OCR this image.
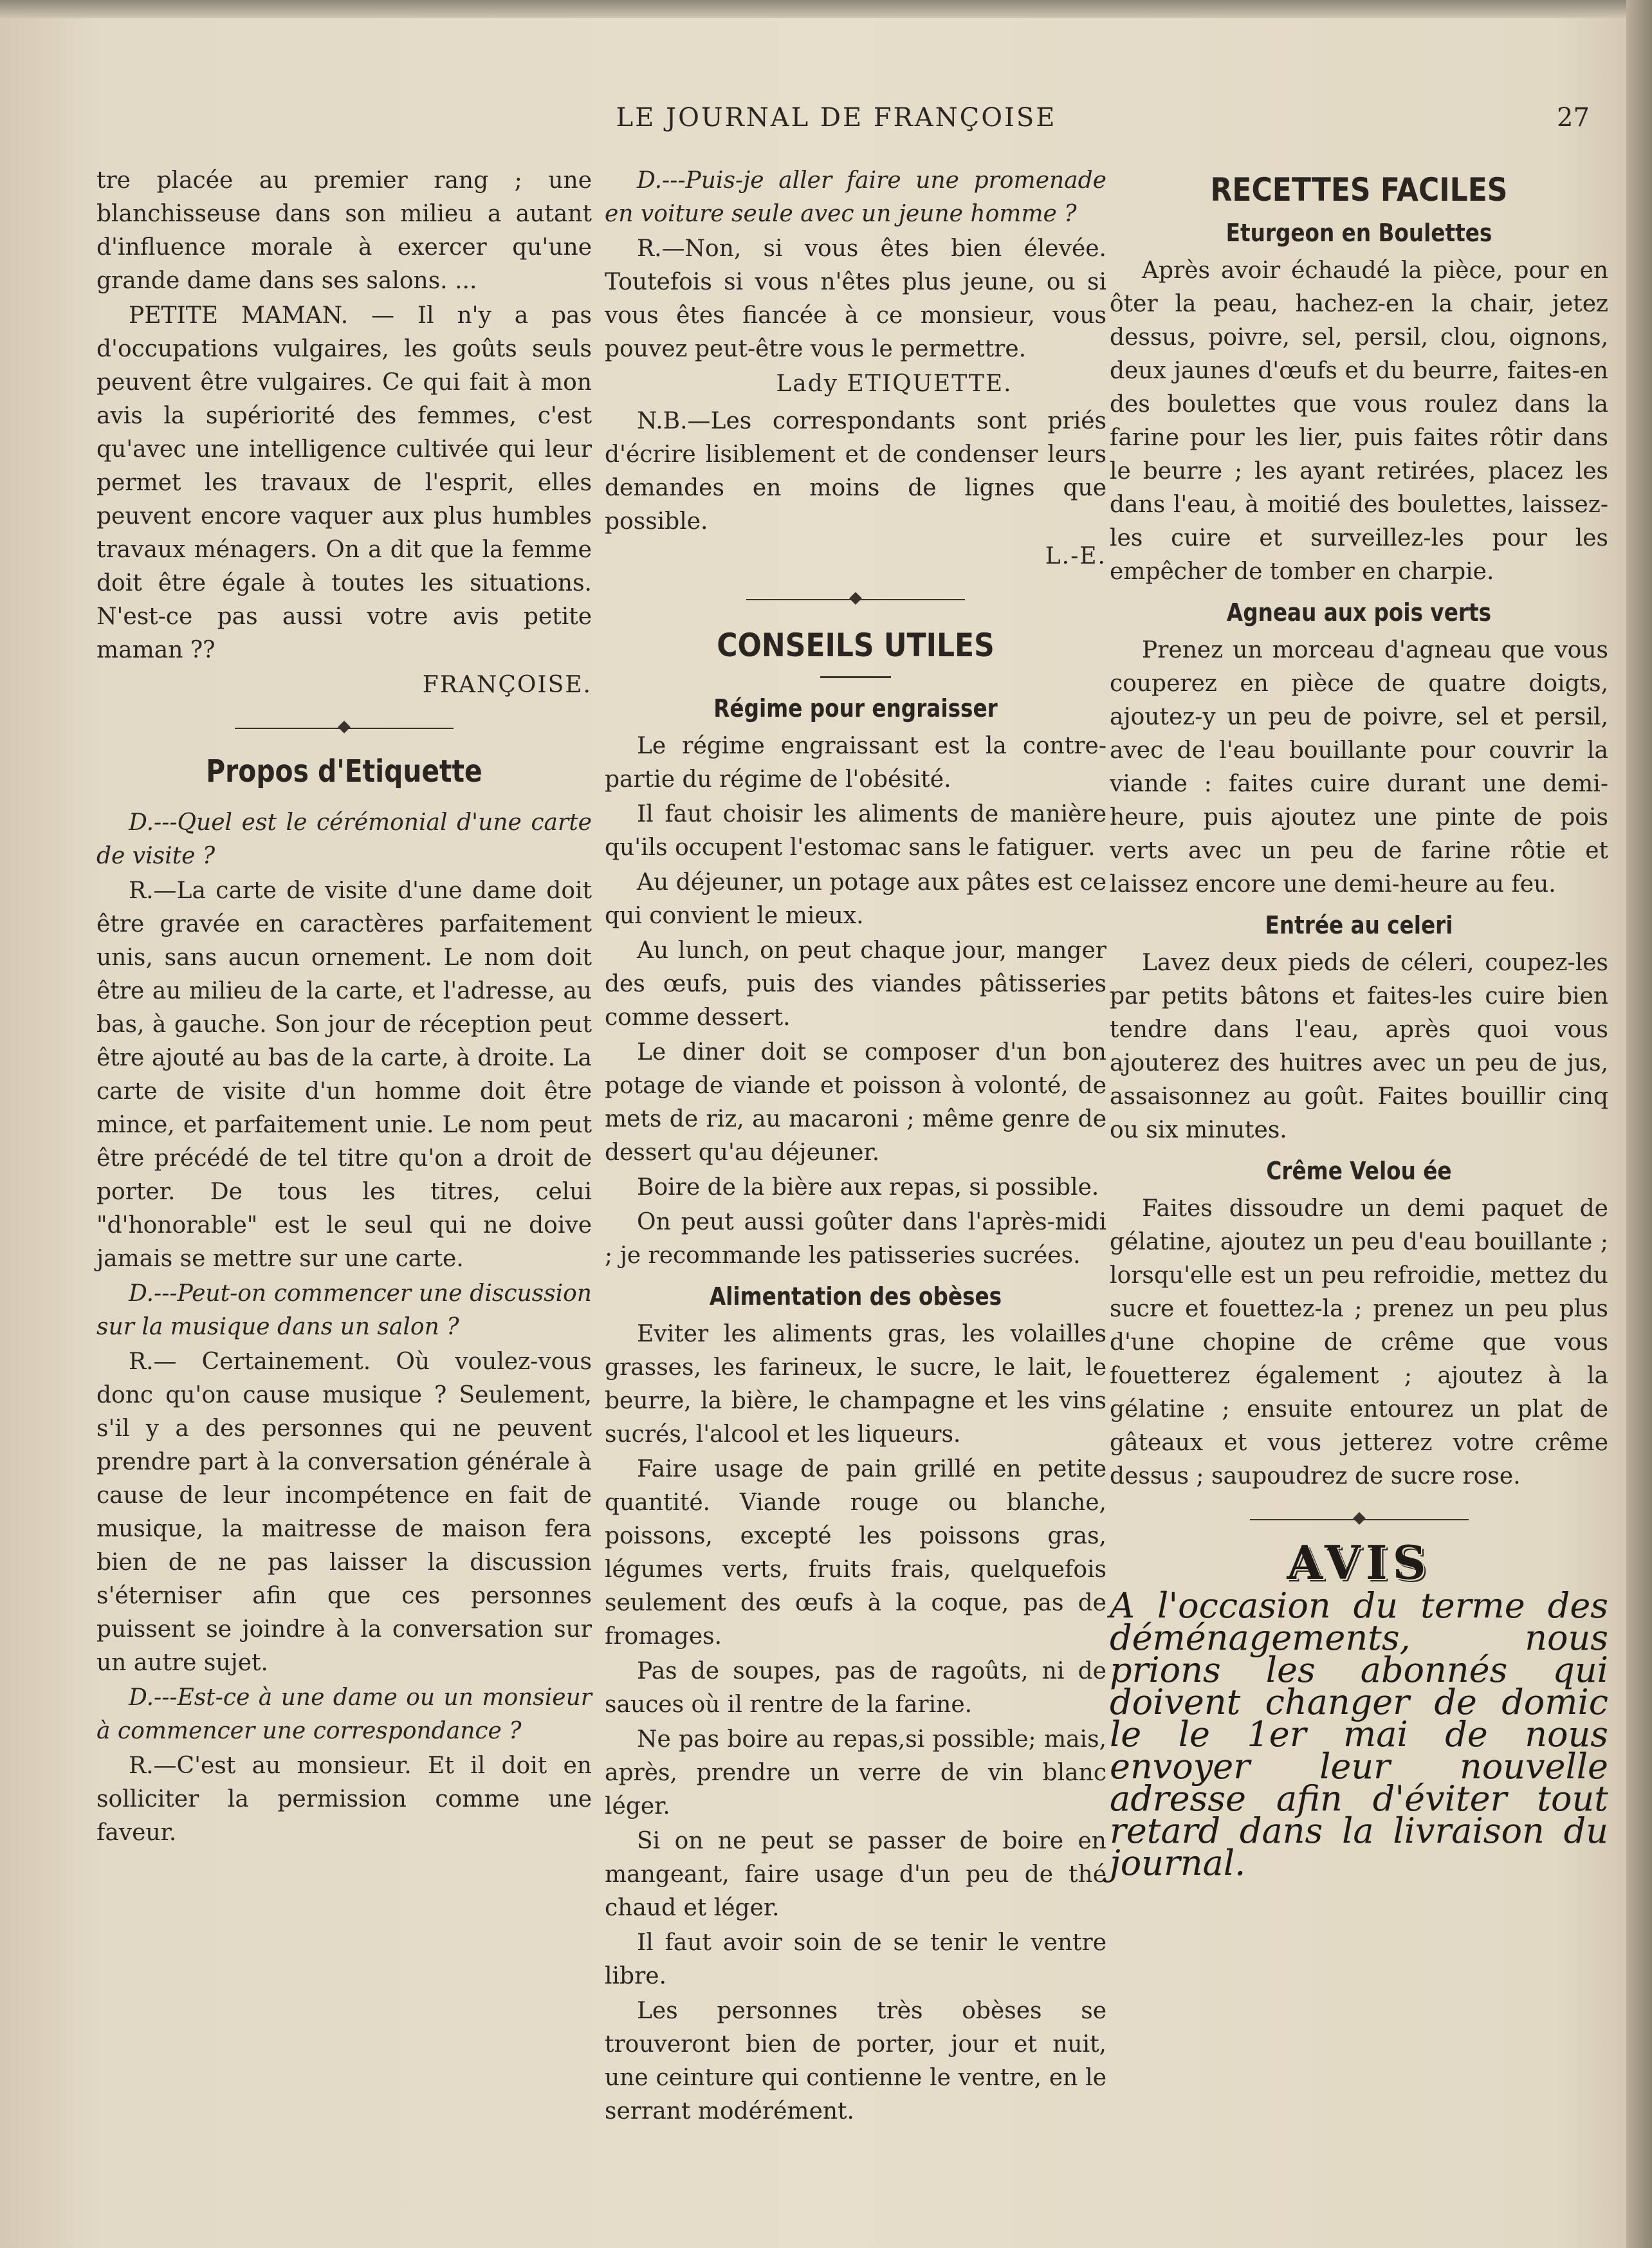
LE JOURNAL DE FRANÇOISE	27

tre placée au premier rang ; une blanchisseuse dans son milieu a autant d'influence morale à exercer qu'une grande dame dans ses salons. ...

PETITE MAMAN. — Il n'y a pas d'occupations vulgaires, les goûts seuls peuvent être vulgaires. Ce qui fait à mon avis la supériorité des femmes, c'est qu'avec une intelligence cultivée qui leur permet les travaux de l'esprit, elles peuvent encore vaquer aux plus humbles travaux ménagers. On a dit que la femme doit être égale à toutes les situations. N'est-ce pas aussi votre avis petite maman ??

FRANÇOISE.
Propos d'Etiquette

D.---Quel est le cérémonial d'une carte de visite ?

R.—La carte de visite d'une dame doit être gravée en caractères parfaitement unis, sans aucun ornement. Le nom doit être au milieu de la carte, et l'adresse, au bas, à gauche. Son jour de réception peut être ajouté au bas de la carte, à droite. La carte de visite d'un homme doit être mince, et parfaitement unie. Le nom peut être précédé de tel titre qu'on a droit de porter. De tous les titres, celui "d'honorable" est le seul qui ne doive jamais se mettre sur une carte.

D.---Peut-on commencer une discussion sur la musique dans un salon ?

R.— Certainement. Où voulez-vous donc qu'on cause musique ? Seulement, s'il y a des personnes qui ne peuvent prendre part à la conversation générale à cause de leur incompétence en fait de musique, la maitresse de maison fera bien de ne pas laisser la discussion s'éterniser afin que ces personnes puissent se joindre à la conversation sur un autre sujet.

D.---Est-ce à une dame ou un monsieur à commencer une correspondance ?

R.—C'est au monsieur. Et il doit en solliciter la permission comme une faveur.

D.---Puis-je aller faire une promenade en voiture seule avec un jeune homme ?

R.—Non, si vous êtes bien élevée. Toutefois si vous n'êtes plus jeune, ou si vous êtes fiancée à ce monsieur, vous pouvez peut-être vous le permettre.

Lady ETIQUETTE.

N.B.—Les correspondants sont priés d'écrire lisiblement et de condenser leurs demandes en moins de lignes que possible.

L.-E.
CONSEILS UTILES
Régime pour engraisser

Le régime engraissant est la contre-partie du régime de l'obésité.

Il faut choisir les aliments de manière qu'ils occupent l'estomac sans le fatiguer.

Au déjeuner, un potage aux pâtes est ce qui convient le mieux.

Au lunch, on peut chaque jour, manger des œufs, puis des viandes pâtisseries comme dessert.

Le diner doit se composer d'un bon potage de viande et poisson à volonté, de mets de riz, au macaroni ; même genre de dessert qu'au déjeuner.

Boire de la bière aux repas, si possible.

On peut aussi goûter dans l'après-midi ; je recommande les patisseries sucrées.

Alimentation des obèses

Eviter les aliments gras, les volailles grasses, les farineux, le sucre, le lait, le beurre, la bière, le champagne et les vins sucrés, l'alcool et les liqueurs.

Faire usage de pain grillé en petite quantité. Viande rouge ou blanche, poissons, excepté les poissons gras, légumes verts, fruits frais, quelquefois seulement des œufs à la coque, pas de fromages.

Pas de soupes, pas de ragoûts, ni de sauces où il rentre de la farine.

Ne pas boire au repas,si possible; mais, après, prendre un verre de vin blanc léger.

Si on ne peut se passer de boire en mangeant, faire usage d'un peu de thé chaud et léger.

Il faut avoir soin de se tenir le ventre libre.

Les personnes très obèses se trouveront bien de porter, jour et nuit, une ceinture qui contienne le ventre, en le serrant modérément.

RECETTES FACILES
Eturgeon en Boulettes

Après avoir échaudé la pièce, pour en ôter la peau, hachez-en la chair, jetez dessus, poivre, sel, persil, clou, oignons, deux jaunes d'œufs et du beurre, faites-en des boulettes que vous roulez dans la farine pour les lier, puis faites rôtir dans le beurre ; les ayant retirées, placez les dans l'eau, à moitié des boulettes, laissez-les cuire et surveillez-les pour les empêcher de tomber en charpie.

Agneau aux pois verts

Prenez un morceau d'agneau que vous couperez en pièce de quatre doigts, ajoutez-y un peu de poivre, sel et persil, avec de l'eau bouillante pour couvrir la viande : faites cuire durant une demi-heure, puis ajoutez une pinte de pois verts avec un peu de farine rôtie et laissez encore une demi-heure au feu.

Entrée au celeri

Lavez deux pieds de céleri, coupez-les par petits bâtons et faites-les cuire bien tendre dans l'eau, après quoi vous ajouterez des huitres avec un peu de jus, assaisonnez au goût. Faites bouillir cinq ou six minutes.

Crême Velou ée

Faites dissoudre un demi paquet de gélatine, ajoutez un peu d'eau bouillante ; lorsqu'elle est un peu refroidie, mettez du sucre et fouettez-la ; prenez un peu plus d'une chopine de crême que vous fouetterez également ; ajoutez à la gélatine ; ensuite entourez un plat de gâteaux et vous jetterez votre crême dessus ; saupoudrez de sucre rose.

AVIS
A l'occasion du terme des déménagements, nous prions les abonnés qui doivent changer de domic le le 1er mai de nous envoyer leur nouvelle adresse afin d'éviter tout retard dans la livraison du journal.
